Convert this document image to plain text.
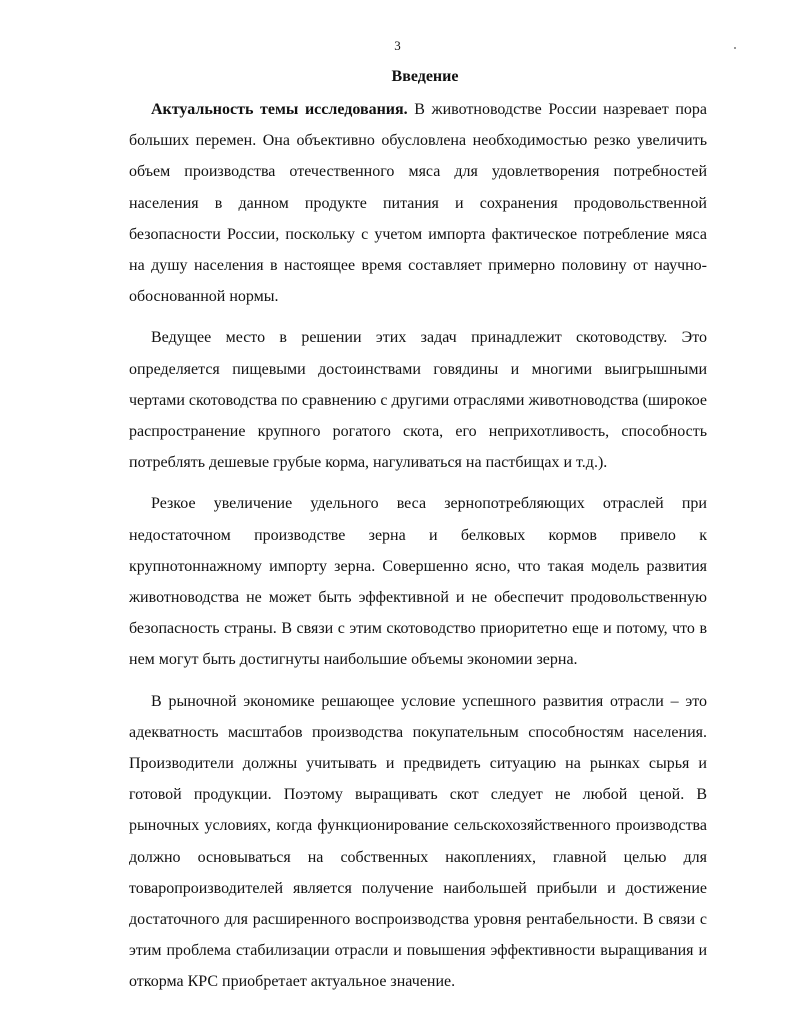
3
Введение

Актуальность темы исследования. В животноводстве России назревает пора больших перемен. Она объективно обусловлена необходимостью резко увеличить объем производства отечественного мяса для удовлетворения потребностей населения в данном продукте питания и сохранения продовольственной безопасности России, поскольку с учетом импорта фактическое потребление мяса на душу населения в настоящее время составляет примерно половину от научно-обоснованной нормы.

Ведущее место в решении этих задач принадлежит скотоводству. Это определяется пищевыми достоинствами говядины и многими выигрышными чертами скотоводства по сравнению с другими отраслями животноводства (широкое распространение крупного рогатого скота, его неприхотливость, способность потреблять дешевые грубые корма, нагуливаться на пастбищах и т.д.).

Резкое увеличение удельного веса зернопотребляющих отраслей при недостаточном производстве зерна и белковых кормов привело к крупнотоннажному импорту зерна. Совершенно ясно, что такая модель развития животноводства не может быть эффективной и не обеспечит продовольственную безопасность страны. В связи с этим скотоводство приоритетно еще и потому, что в нем могут быть достигнуты наибольшие объемы экономии зерна.

В рыночной экономике решающее условие успешного развития отрасли – это адекватность масштабов производства покупательным способностям населения. Производители должны учитывать и предвидеть ситуацию на рынках сырья и готовой продукции. Поэтому выращивать скот следует не любой ценой. В рыночных условиях, когда функционирование сельскохозяйственного производства должно основываться на собственных накоплениях, главной целью для товаропроизводителей является получение наибольшей прибыли и достижение достаточного для расширенного воспроизводства уровня рентабельности. В связи с этим проблема стабилизации отрасли и повышения эффективности выращивания и откорма КРС приобретает актуальное значение.
